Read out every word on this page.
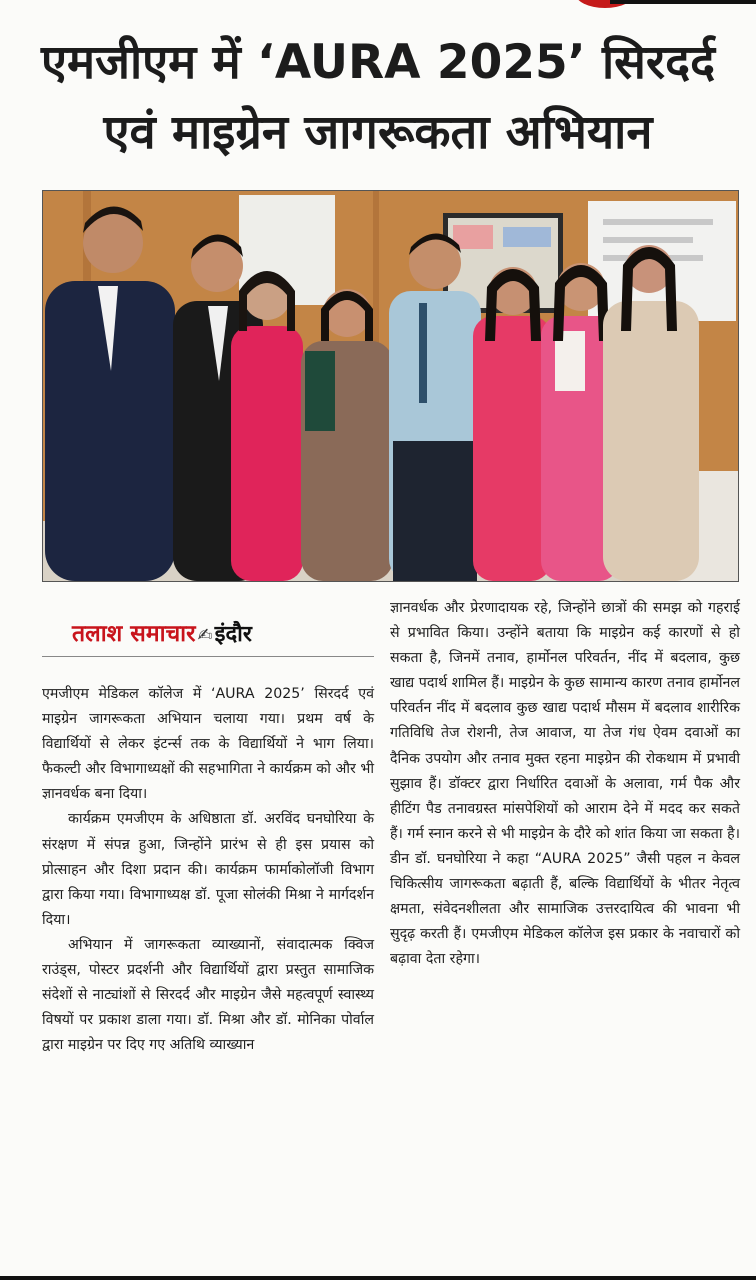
एमजीएम में ‘AURA 2025’ सिरदर्द
एवं माइग्रेन जागरूकता अभियान
तलाश समाचार ✍इंदौर

एमजीएम मेडिकल कॉलेज में ‘AURA 2025’ सिरदर्द एवं माइग्रेन जागरूकता अभियान चलाया गया। प्रथम वर्ष के विद्यार्थियों से लेकर इंटर्न्स तक के विद्यार्थियों ने भाग लिया। फैकल्टी और विभागाध्यक्षों की सहभागिता ने कार्यक्रम को और भी ज्ञानवर्धक बना दिया।

कार्यक्रम एमजीएम के अधिष्ठाता डॉ. अरविंद घनघोरिया के संरक्षण में संपन्न हुआ, जिन्होंने प्रारंभ से ही इस प्रयास को प्रोत्साहन और दिशा प्रदान की। कार्यक्रम फार्माकोलॉजी विभाग द्वारा किया गया। विभागाध्यक्ष डॉ. पूजा सोलंकी मिश्रा ने मार्गदर्शन दिया।

अभियान में जागरूकता व्याख्यानों, संवादात्मक क्विज राउंड्स, पोस्टर प्रदर्शनी और विद्यार्थियों द्वारा प्रस्तुत सामाजिक संदेशों से नाट्यांशों से सिरदर्द और माइग्रेन जैसे महत्वपूर्ण स्वास्थ्य विषयों पर प्रकाश डाला गया। डॉ. मिश्रा और डॉ. मोनिका पोर्वाल द्वारा माइग्रेन पर दिए गए अतिथि व्याख्यान

ज्ञानवर्धक और प्रेरणादायक रहे, जिन्होंने छात्रों की समझ को गहराई से प्रभावित किया। उन्होंने बताया कि माइग्रेन कई कारणों से हो सकता है, जिनमें तनाव, हार्मोनल परिवर्तन, नींद में बदलाव, कुछ खाद्य पदार्थ शामिल हैं। माइग्रेन के कुछ सामान्य कारण तनाव हार्मोनल परिवर्तन नींद में बदलाव कुछ खाद्य पदार्थ मौसम में बदलाव शारीरिक गतिविधि तेज रोशनी, तेज आवाज, या तेज गंध ऐवम दवाओं का दैनिक उपयोग और तनाव मुक्त रहना माइग्रेन की रोकथाम में प्रभावी सुझाव हैं। डॉक्टर द्वारा निर्धारित दवाओं के अलावा, गर्म पैक और हीटिंग पैड तनावग्रस्त मांसपेशियों को आराम देने में मदद कर सकते हैं। गर्म स्नान करने से भी माइग्रेन के दौरे को शांत किया जा सकता है। डीन डॉ. घनघोरिया ने कहा “AURA 2025” जैसी पहल न केवल चिकित्सीय जागरूकता बढ़ाती हैं, बल्कि विद्यार्थियों के भीतर नेतृत्व क्षमता, संवेदनशीलता और सामाजिक उत्तरदायित्व की भावना भी सुदृढ़ करती हैं। एमजीएम मेडिकल कॉलेज इस प्रकार के नवाचारों को बढ़ावा देता रहेगा।
